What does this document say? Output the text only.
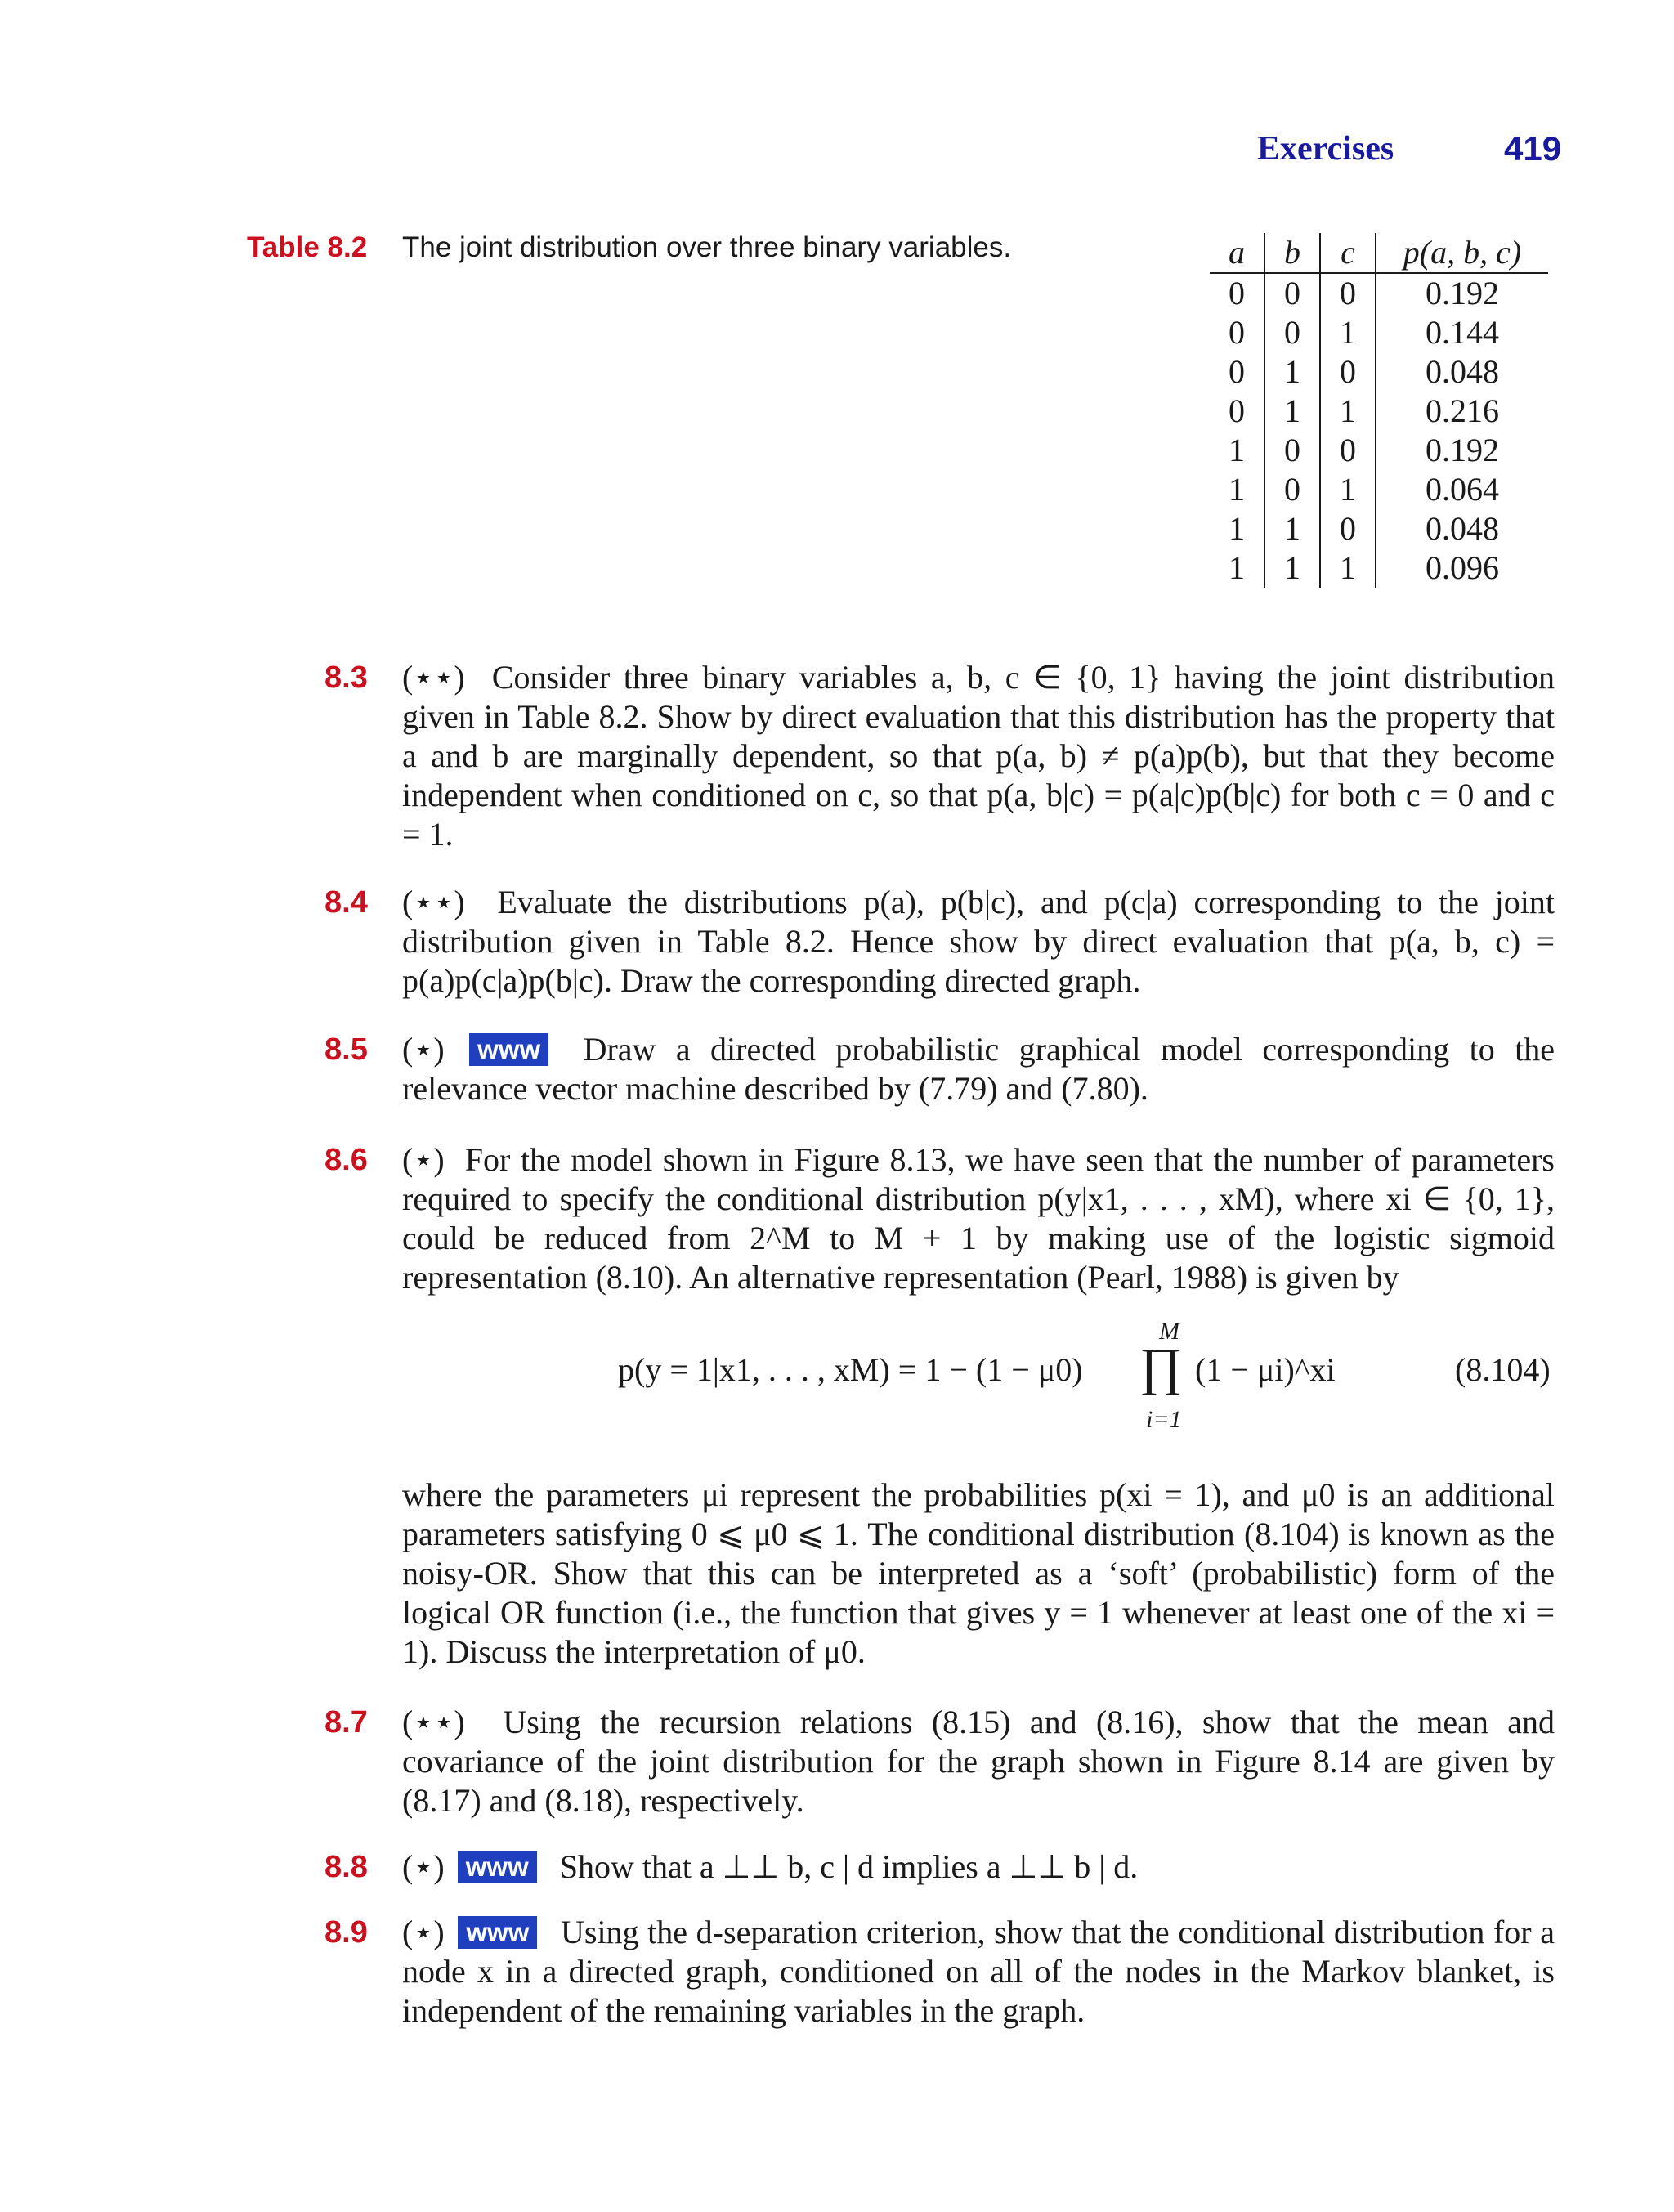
Exercises	419
Table 8.2 The joint distribution over three binary variables.	a	b	c	p(a, b, c)
0	0	0	0.192
0	0	1	0.144
0	1	0	0.048
0	1	1	0.216
1	0	0	0.192
1	0	1	0.064
1	1	0	0.048
1	1	1	0.096
8.3 (⋆⋆) Consider three binary variables a, b, c ∈ {0, 1} having the joint distribution given in Table 8.2. Show by direct evaluation that this distribution has the property that a and b are marginally dependent, so that p(a, b) ≠ p(a)p(b), but that they become independent when conditioned on c, so that p(a, b|c) = p(a|c)p(b|c) for both c = 0 and c = 1.
8.4 (⋆⋆) Evaluate the distributions p(a), p(b|c), and p(c|a) corresponding to the joint distribution given in Table 8.2. Hence show by direct evaluation that p(a, b, c) = p(a)p(c|a)p(b|c). Draw the corresponding directed graph.
8.5 (⋆) www Draw a directed probabilistic graphical model corresponding to the relevance vector machine described by (7.79) and (7.80).
8.6 (⋆) For the model shown in Figure 8.13, we have seen that the number of parameters required to specify the conditional distribution p(y|x1, . . . , xM), where xi ∈ {0, 1}, could be reduced from 2^M to M + 1 by making use of the logistic sigmoid representation (8.10). An alternative representation (Pearl, 1988) is given by
p(y = 1|x1, . . . , xM) = 1 − (1 − μ0)
M
∏
i=1
(1 − μi)^xi	(8.104)
where the parameters μi represent the probabilities p(xi = 1), and μ0 is an additional parameters satisfying 0 ⩽ μ0 ⩽ 1. The conditional distribution (8.104) is known as the noisy-OR. Show that this can be interpreted as a ‘soft’ (probabilistic) form of the logical OR function (i.e., the function that gives y = 1 whenever at least one of the xi = 1). Discuss the interpretation of μ0.
8.7 (⋆⋆) Using the recursion relations (8.15) and (8.16), show that the mean and covariance of the joint distribution for the graph shown in Figure 8.14 are given by (8.17) and (8.18), respectively.
8.8 (⋆) www Show that a ⊥⊥ b, c | d implies a ⊥⊥ b | d.
8.9 (⋆) www Using the d-separation criterion, show that the conditional distribution for a node x in a directed graph, conditioned on all of the nodes in the Markov blanket, is independent of the remaining variables in the graph.
